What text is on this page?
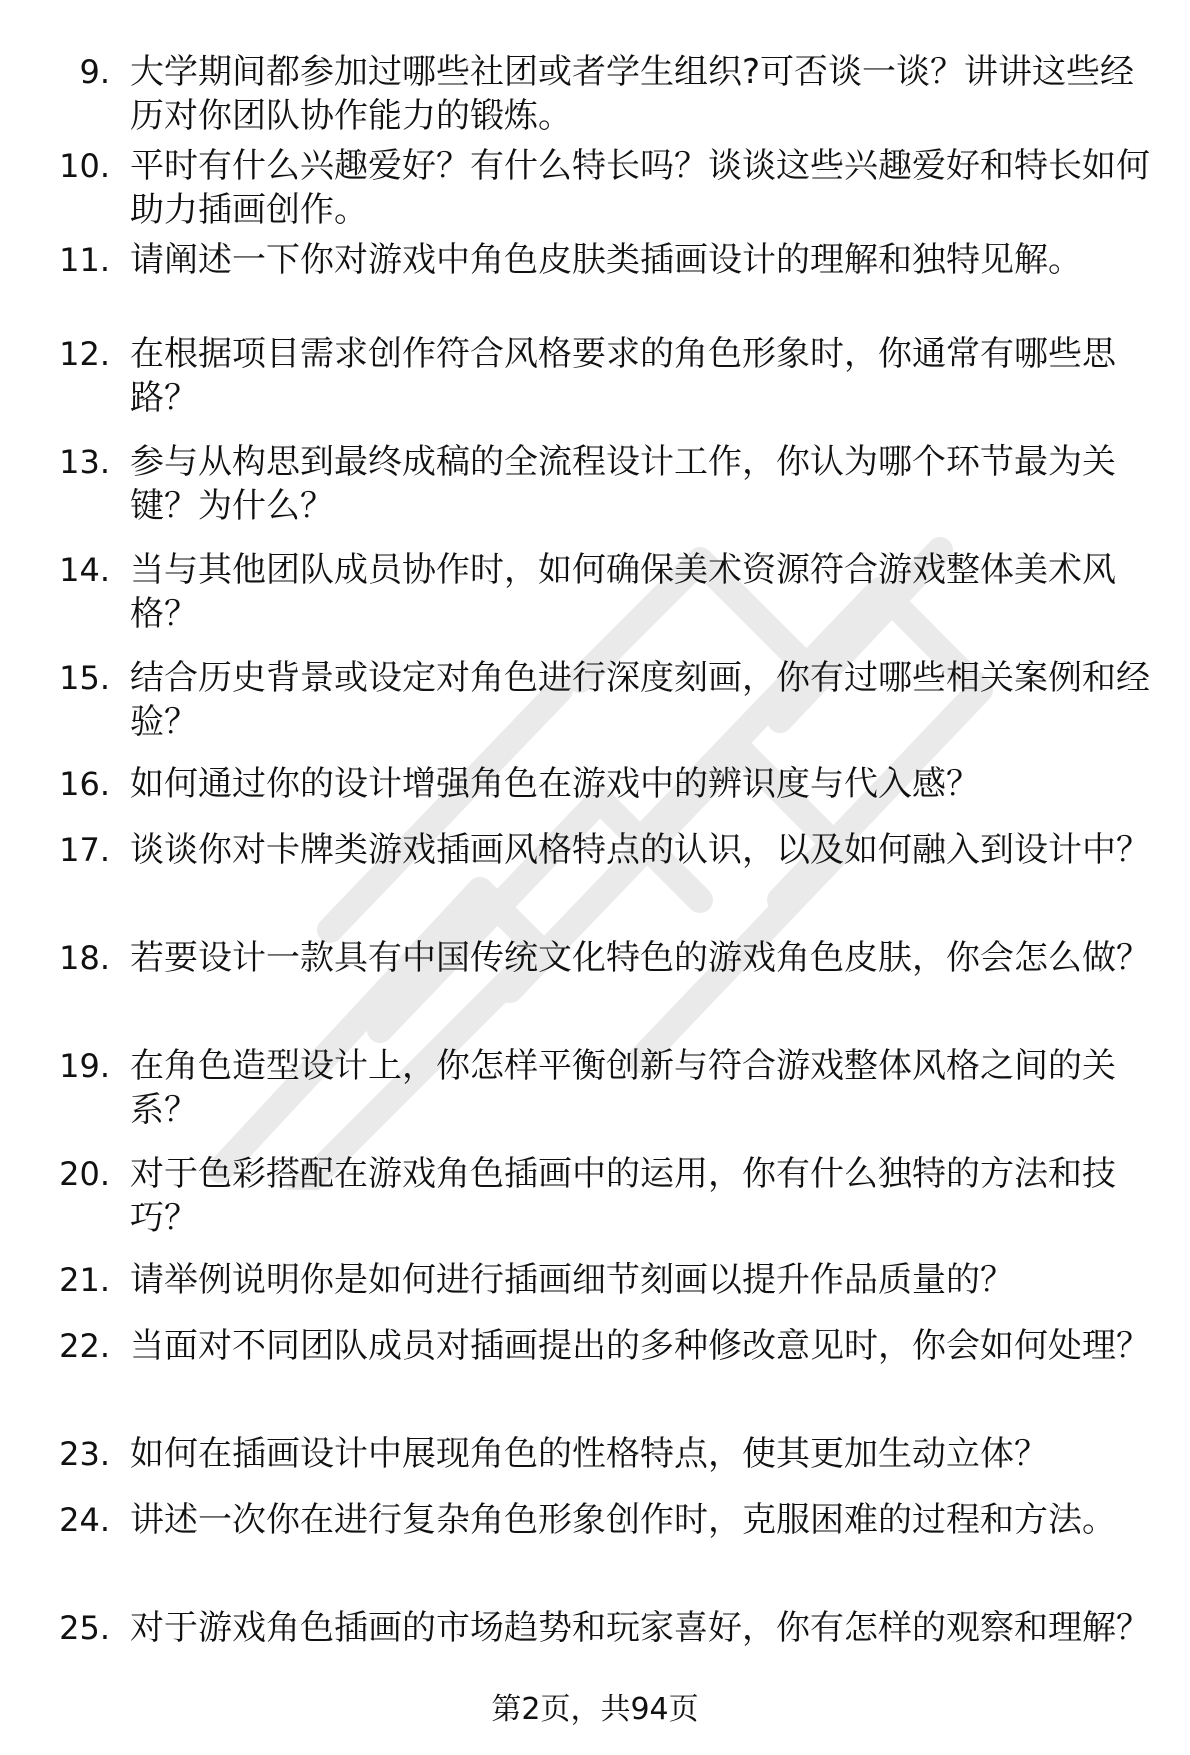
9. 大学期间都参加过哪些社团或者学生组织?可否谈一谈？讲讲这些经历对你团队协作能力的锻炼。
10. 平时有什么兴趣爱好？有什么特长吗？谈谈这些兴趣爱好和特长如何助力插画创作。
11. 请阐述一下你对游戏中角色皮肤类插画设计的理解和独特见解。
12. 在根据项目需求创作符合风格要求的角色形象时，你通常有哪些思路？
13. 参与从构思到最终成稿的全流程设计工作，你认为哪个环节最为关键？为什么？
14. 当与其他团队成员协作时，如何确保美术资源符合游戏整体美术风格？
15. 结合历史背景或设定对角色进行深度刻画，你有过哪些相关案例和经验？
16. 如何通过你的设计增强角色在游戏中的辨识度与代入感？
17. 谈谈你对卡牌类游戏插画风格特点的认识，以及如何融入到设计中？
18. 若要设计一款具有中国传统文化特色的游戏角色皮肤，你会怎么做？
19. 在角色造型设计上，你怎样平衡创新与符合游戏整体风格之间的关系？
20. 对于色彩搭配在游戏角色插画中的运用，你有什么独特的方法和技巧？
21. 请举例说明你是如何进行插画细节刻画以提升作品质量的？
22. 当面对不同团队成员对插画提出的多种修改意见时，你会如何处理？
23. 如何在插画设计中展现角色的性格特点，使其更加生动立体？
24. 讲述一次你在进行复杂角色形象创作时，克服困难的过程和方法。
25. 对于游戏角色插画的市场趋势和玩家喜好，你有怎样的观察和理解？
第2页，共94页
